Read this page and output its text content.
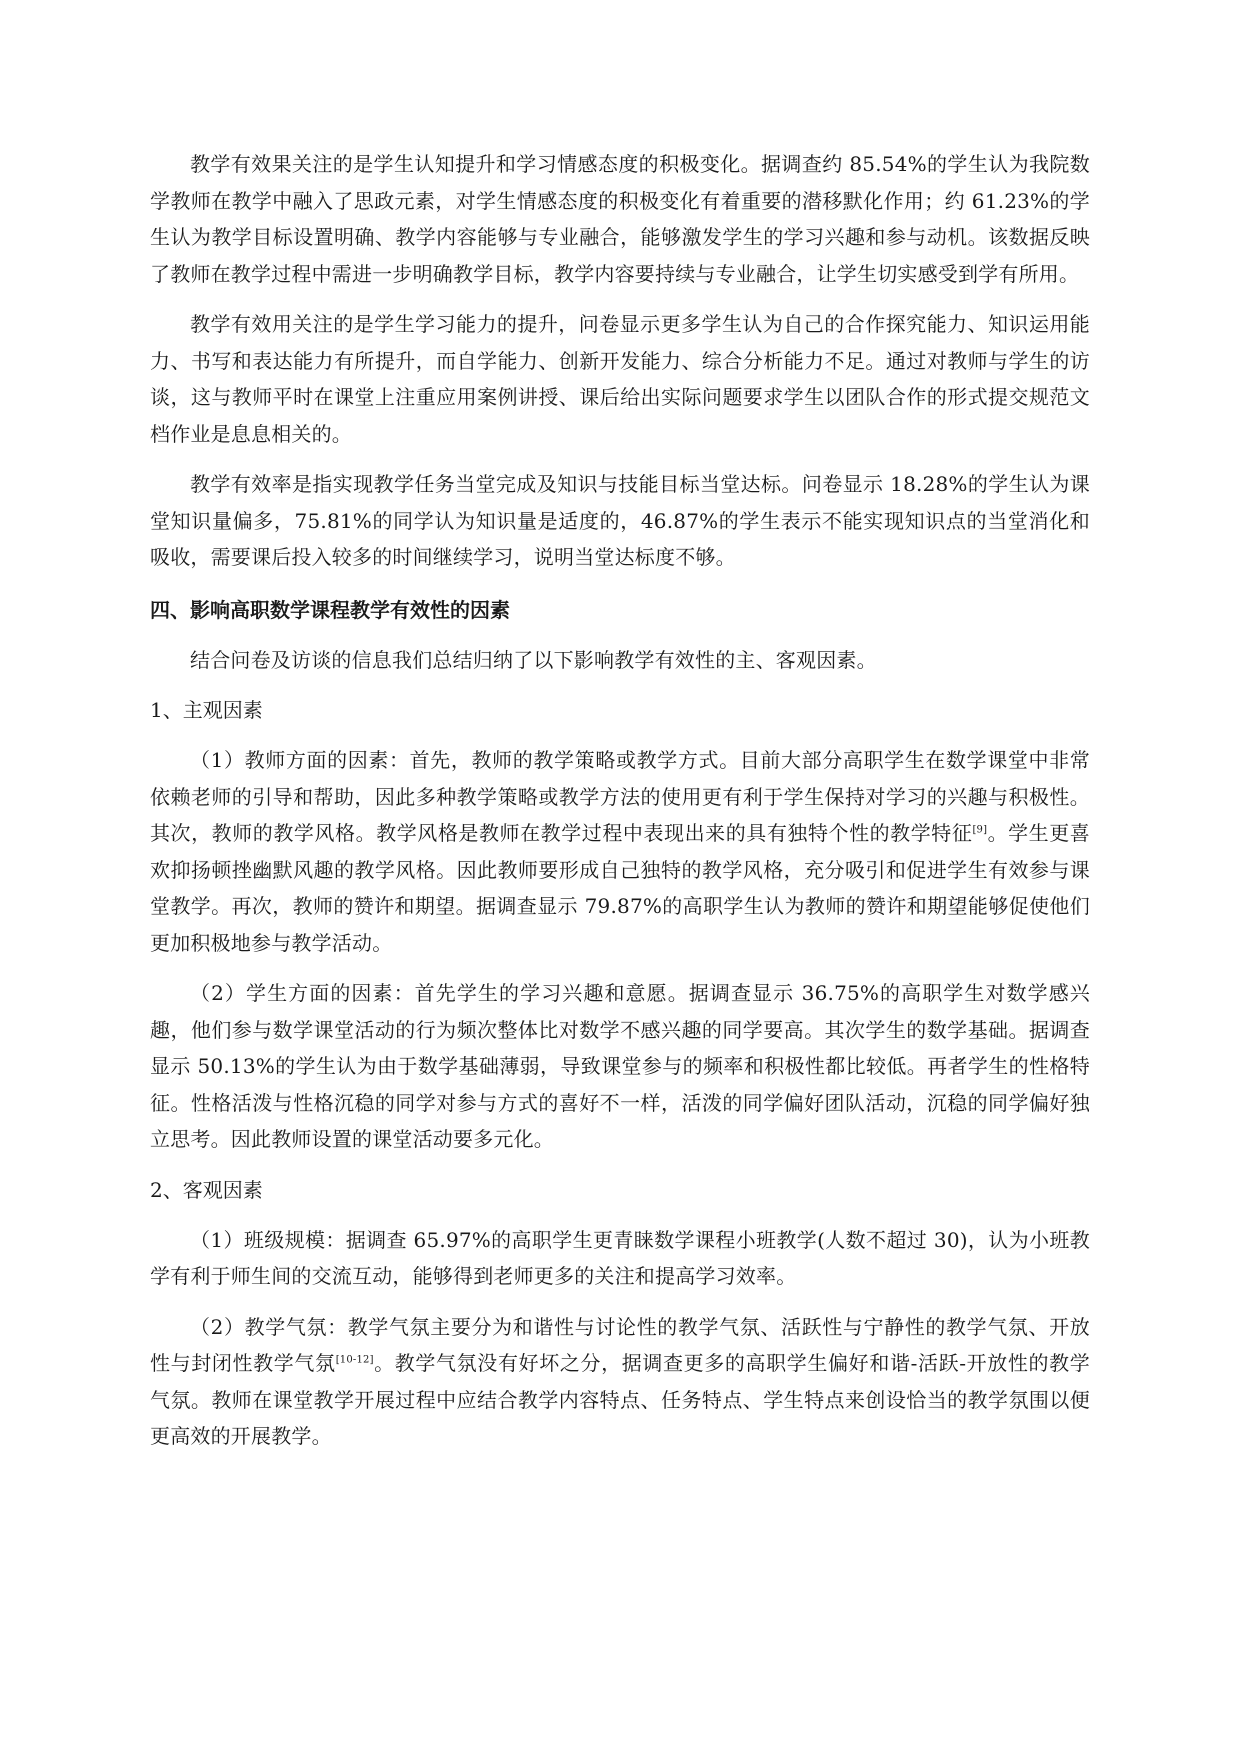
教学有效果关注的是学生认知提升和学习情感态度的积极变化。据调查约 85.54%的学生认为我院数学教师在教学中融入了思政元素，对学生情感态度的积极变化有着重要的潜移默化作用；约 61.23%的学生认为教学目标设置明确、教学内容能够与专业融合，能够激发学生的学习兴趣和参与动机。该数据反映了教师在教学过程中需进一步明确教学目标，教学内容要持续与专业融合，让学生切实感受到学有所用。

教学有效用关注的是学生学习能力的提升，问卷显示更多学生认为自己的合作探究能力、知识运用能力、书写和表达能力有所提升，而自学能力、创新开发能力、综合分析能力不足。通过对教师与学生的访谈，这与教师平时在课堂上注重应用案例讲授、课后给出实际问题要求学生以团队合作的形式提交规范文档作业是息息相关的。

教学有效率是指实现教学任务当堂完成及知识与技能目标当堂达标。问卷显示 18.28%的学生认为课堂知识量偏多，75.81%的同学认为知识量是适度的，46.87%的学生表示不能实现知识点的当堂消化和吸收，需要课后投入较多的时间继续学习，说明当堂达标度不够。

四、影响高职数学课程教学有效性的因素

结合问卷及访谈的信息我们总结归纳了以下影响教学有效性的主、客观因素。

1、主观因素

（1）教师方面的因素：首先，教师的教学策略或教学方式。目前大部分高职学生在数学课堂中非常依赖老师的引导和帮助，因此多种教学策略或教学方法的使用更有利于学生保持对学习的兴趣与积极性。其次，教师的教学风格。教学风格是教师在教学过程中表现出来的具有独特个性的教学特征[9]。学生更喜欢抑扬顿挫幽默风趣的教学风格。因此教师要形成自己独特的教学风格，充分吸引和促进学生有效参与课堂教学。再次，教师的赞许和期望。据调查显示 79.87%的高职学生认为教师的赞许和期望能够促使他们更加积极地参与教学活动。

（2）学生方面的因素：首先学生的学习兴趣和意愿。据调查显示 36.75%的高职学生对数学感兴趣，他们参与数学课堂活动的行为频次整体比对数学不感兴趣的同学要高。其次学生的数学基础。据调查显示 50.13%的学生认为由于数学基础薄弱，导致课堂参与的频率和积极性都比较低。再者学生的性格特征。性格活泼与性格沉稳的同学对参与方式的喜好不一样，活泼的同学偏好团队活动，沉稳的同学偏好独立思考。因此教师设置的课堂活动要多元化。

2、客观因素

（1）班级规模：据调查 65.97%的高职学生更青睐数学课程小班教学(人数不超过 30)，认为小班教学有利于师生间的交流互动，能够得到老师更多的关注和提高学习效率。

（2）教学气氛：教学气氛主要分为和谐性与讨论性的教学气氛、活跃性与宁静性的教学气氛、开放性与封闭性教学气氛[10-12]。教学气氛没有好坏之分，据调查更多的高职学生偏好和谐-活跃-开放性的教学气氛。教师在课堂教学开展过程中应结合教学内容特点、任务特点、学生特点来创设恰当的教学氛围以便更高效的开展教学。
